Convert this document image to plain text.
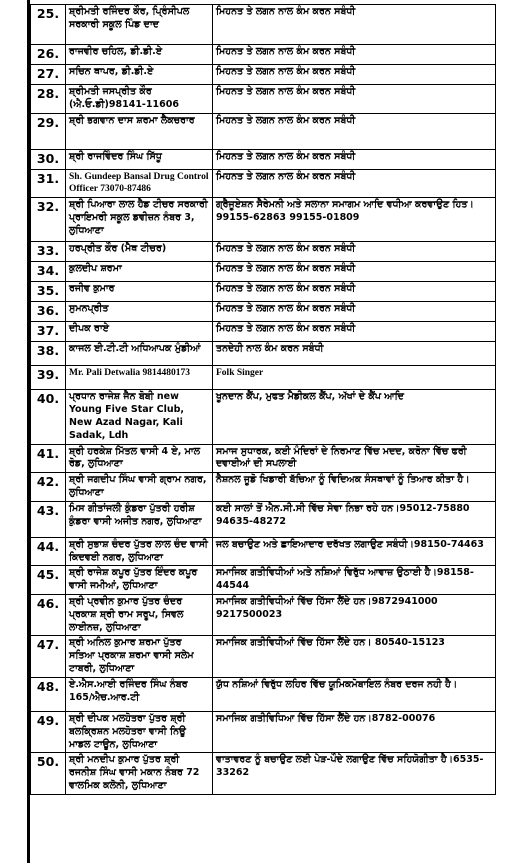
25.	ਸ਼੍ਰੀਮਤੀ ਰਜਿੰਦਰ ਕੌਰ, ਪ੍ਰਿੰਸੀਪਲ ਸਰਕਾਰੀ ਸਕੂਲ ਪਿੰਡ ਦਾਦ	ਮਿਹਨਤ ਤੇ ਲਗਨ ਨਾਲ ਕੰਮ ਕਰਨ ਸਬੰਧੀ
26.	ਰਾਜਵੀਰ ਚਹਿਲ, ਡੀ.ਡੀ.ਏ	ਮਿਹਨਤ ਤੇ ਲਗਨ ਨਾਲ ਕੰਮ ਕਰਨ ਸਬੰਧੀ
27.	ਸਚਿਨ ਥਾਪਰ, ਡੀ.ਡੀ.ਏ	ਮਿਹਨਤ ਤੇ ਲਗਨ ਨਾਲ ਕੰਮ ਕਰਨ ਸਬੰਧੀ
28.	ਸ਼੍ਰੀਮਤੀ ਜਸਪ੍ਰੀਤ ਕੌਰ (ਐ.ਓ.ਡੀ)98141-11606	ਮਿਹਨਤ ਤੇ ਲਗਨ ਨਾਲ ਕੰਮ ਕਰਨ ਸਬੰਧੀ
29.	ਸ਼੍ਰੀ ਭਗਵਾਨ ਦਾਸ ਸ਼ਰਮਾ ਲੈਕਚਰਾਰ	ਮਿਹਨਤ ਤੇ ਲਗਨ ਨਾਲ ਕੰਮ ਕਰਨ ਸਬੰਧੀ
30.	ਸ਼੍ਰੀ ਰਾਜਵਿੰਦਰ ਸਿੰਘ ਸਿੱਧੂ	ਮਿਹਨਤ ਤੇ ਲਗਨ ਨਾਲ ਕੰਮ ਕਰਨ ਸਬੰਧੀ
31.	Sh. Gundeep Bansal Drug Control Officer 73070-87486	ਮਿਹਨਤ ਤੇ ਲਗਨ ਨਾਲ ਕੰਮ ਕਰਨ ਸਬੰਧੀ
32.	ਸ਼੍ਰੀ ਪਿਆਰਾ ਲਾਲ ਹੈਡ ਟੀਚਰ ਸਰਕਾਰੀ ਪ੍ਰਾਇਮਰੀ ਸਕੂਲ ਡਵੀਜ਼ਨ ਨੰਬਰ 3, ਲੁਧਿਆਣਾ	ਗ੍ਰੈਜੂਏਸ਼ਨ ਸੈਰੇਮਨੀ ਅਤੇ ਸਲਾਨਾ ਸਮਾਗਮ ਆਦਿ ਵਧੀਆ ਕਰਵਾਉਣ ਹਿਤ।99155-62863 99155-01809
33.	ਹਰਪ੍ਰੀਤ ਕੌਰ (ਮੈਥ ਟੀਚਰ)	ਮਿਹਨਤ ਤੇ ਲਗਨ ਨਾਲ ਕੰਮ ਕਰਨ ਸਬੰਧੀ
34.	ਕੁਲਦੀਪ ਸ਼ਰਮਾ	ਮਿਹਨਤ ਤੇ ਲਗਨ ਨਾਲ ਕੰਮ ਕਰਨ ਸਬੰਧੀ
35.	ਰਜੀਵ ਕੁਮਾਰ	ਮਿਹਨਤ ਤੇ ਲਗਨ ਨਾਲ ਕੰਮ ਕਰਨ ਸਬੰਧੀ
36.	ਸੁਮਨਪ੍ਰੀਤ	ਮਿਹਨਤ ਤੇ ਲਗਨ ਨਾਲ ਕੰਮ ਕਰਨ ਸਬੰਧੀ
37.	ਦੀਪਕ ਰਾਏ	ਮਿਹਨਤ ਤੇ ਲਗਨ ਨਾਲ ਕੰਮ ਕਰਨ ਸਬੰਧੀ
38.	ਕਾਜਲ ਈ.ਟੀ.ਟੀ ਅਧਿਆਪਕ ਮੁੰਡੀਆਂ	ਤਨਦੇਹੀ ਨਾਲ ਕੰਮ ਕਰਨ ਸਬੰਧੀ
39.	Mr. Pali Detwalia 9814480173	Folk Singer
40.	ਪ੍ਰਧਾਨ ਰਾਜੇਸ਼ ਜੈਨ ਬੋਬੀ new Young Five Star Club, New Azad Nagar, Kali Sadak, Ldh	ਖੂਨਦਾਨ ਕੈਂਪ, ਮੁਫਤ ਮੈਡੀਕਲ ਕੈਂਪ, ਅੱਖਾਂ ਦੇ ਕੈਂਪ ਆਦਿ
41.	ਸ਼੍ਰੀ ਹਰਕੇਸ਼ ਮਿੱਤਲ ਵਾਸੀ 4 ਏ, ਮਾਲ ਰੋਡ, ਲੁਧਿਆਣਾ	ਸਮਾਜ ਸੁਧਾਰਕ, ਕਈ ਮੰਦਿਰਾਂ ਦੇ ਨਿਰਮਾਣ ਵਿੱਚ ਮਦਦ, ਕਰੋਨਾ ਵਿੱਚ ਫਰੀ ਦਵਾਈਆਂ ਦੀ ਸਪਲਾਈ
42.	ਸ਼੍ਰੀ ਜਗਦੀਪ ਸਿੰਘ ਵਾਸੀ ਗ੍ਰਾਮ ਨਗਰ, ਲੁਧਿਆਣਾ	ਨੈਸ਼ਨਲ ਜੂਡੋ ਖਿਡਾਰੀ ਬੱਚਿਆ ਨੂੰ ਵਿਦਿਅਕ ਸੰਸਥਾਵਾਂ ਨੂੰ ਤਿਆਰ ਕੀਤਾ ਹੈ।
43.	ਮਿਸ ਗੀਤਾਂਜਲੀ ਕੁੰਡਰਾ ਪੁੱਤਰੀ ਹਰੀਸ਼ ਕੁੰਡਰਾ ਵਾਸੀ ਅਜੀਤ ਨਗਰ, ਲੁਧਿਆਣਾ	ਕਈ ਸਾਲਾਂ ਤੋਂ ਐਨ.ਸੀ.ਸੀ ਵਿੱਚ ਸੇਵਾ ਨਿਭਾ ਰਹੇ ਹਨ।95012-75880 94635-48272
44.	ਸ਼੍ਰੀ ਸੁਭਾਸ਼ ਚੰਦਰ ਪੁੱਤਰ ਲਾਲ ਚੰਦ ਵਾਸੀ ਕਿਦਵਈ ਨਗਰ, ਲੁਧਿਆਣਾ	ਜਲ ਬਚਾਉਣ ਅਤੇ ਛਾਇਆਦਾਰ ਦਰੱਖਤ ਲਗਾਉਣ ਸਬੰਧੀ।98150-74463
45.	ਸ਼੍ਰੀ ਰਾਜੇਸ਼ ਕਪੂਰ ਪੁੱਤਰ ਇੰਦਰ ਕਪੂਰ ਵਾਸੀ ਜਮੀਆਂ, ਲੁਧਿਆਣਾ	ਸਮਾਜਿਕ ਗਤੀਵਿਧੀਆਂ ਅਤੇ ਨਸ਼ਿਆਂ ਵਿਰੁੱਧ ਆਵਾਜ਼ ਉਠਾਈ ਹੈ।98158-44544
46.	ਸ਼੍ਰੀ ਪ੍ਰਵੀਨ ਕੁਮਾਰ ਪੁੱਤਰ ਚੰਦਰ ਪ੍ਰਕਾਸ਼ ਸ਼੍ਰੀ ਰਾਮ ਸਰੂਪ, ਸਿਵਲ ਲਾਈਨਜ਼, ਲੁਧਿਆਣਾ	ਸਮਾਜਿਕ ਗਤੀਵਿਧੀਆਂ ਵਿੱਚ ਹਿੱਸਾ ਲੈਂਦੇ ਹਨ।9872941000 9217500023
47.	ਸ਼੍ਰੀ ਅਨਿਲ ਕੁਮਾਰ ਸ਼ਰਮਾ ਪੁੱਤਰ ਸਤਿਆ ਪ੍ਰਕਾਸ਼ ਸ਼ਰਮਾ ਵਾਸੀ ਸਲੇਮ ਟਾਬਰੀ, ਲੁਧਿਆਣਾ	ਸਮਾਜਿਕ ਗਤੀਵਿਧੀਆਂ ਵਿੱਚ ਹਿੱਸਾ ਲੈਂਦੇ ਹਨ। 80540-15123
48.	ਏ.ਐਸ.ਆਈ ਰਜਿੰਦਰ ਸਿੰਘ ਨੰਬਰ 165/ਐਚ.ਆਰ.ਟੀ	ਯੁੱਧ ਨਸ਼ਿਆਂ ਵਿਰੁੱਧ ਲਹਿਰ ਵਿੱਚ ਯੂਮਿਕਮੋਬਾਇਲ ਨੰਬਰ ਦਰਜ ਨਹੀ ਹੈ।
49.	ਸ਼੍ਰੀ ਦੀਪਕ ਮਲਹੋਤਰਾ ਪੁੱਤਰ ਸ਼੍ਰੀ ਬਲਕ੍ਰਿਸ਼ਨ ਮਲਹੋਤਰਾ ਵਾਸੀ ਨਿਊ ਮਾਡਲ ਟਾਊਨ, ਲੁਧਿਆਣਾ	ਸਮਾਜਿਕ ਗਤੀਵਿਧਿਆ ਵਿੱਚ ਹਿੱਸਾ ਲੈਂਦੇ ਹਨ।8782-00076
50.	ਸ਼੍ਰੀ ਮਨਦੀਪ ਕੁਮਾਰ ਪੁੱਤਰ ਸ਼੍ਰੀ ਰਜਨੀਸ਼ ਸਿੰਘ ਵਾਸੀ ਮਕਾਨ ਨੰਬਰ 72 ਵਾਲਮਿਕ ਕਲੋਨੀ, ਲੁਧਿਆਣਾ	ਵਾਤਾਵਰਣ ਨੂੰ ਬਚਾਉਣ ਲਈ ਪੇੜ-ਪੌਦੇ ਲਗਾਉਣ ਵਿੱਚ ਸਹਿਯੋਗੀਤਾ ਹੈ।6535-33262
